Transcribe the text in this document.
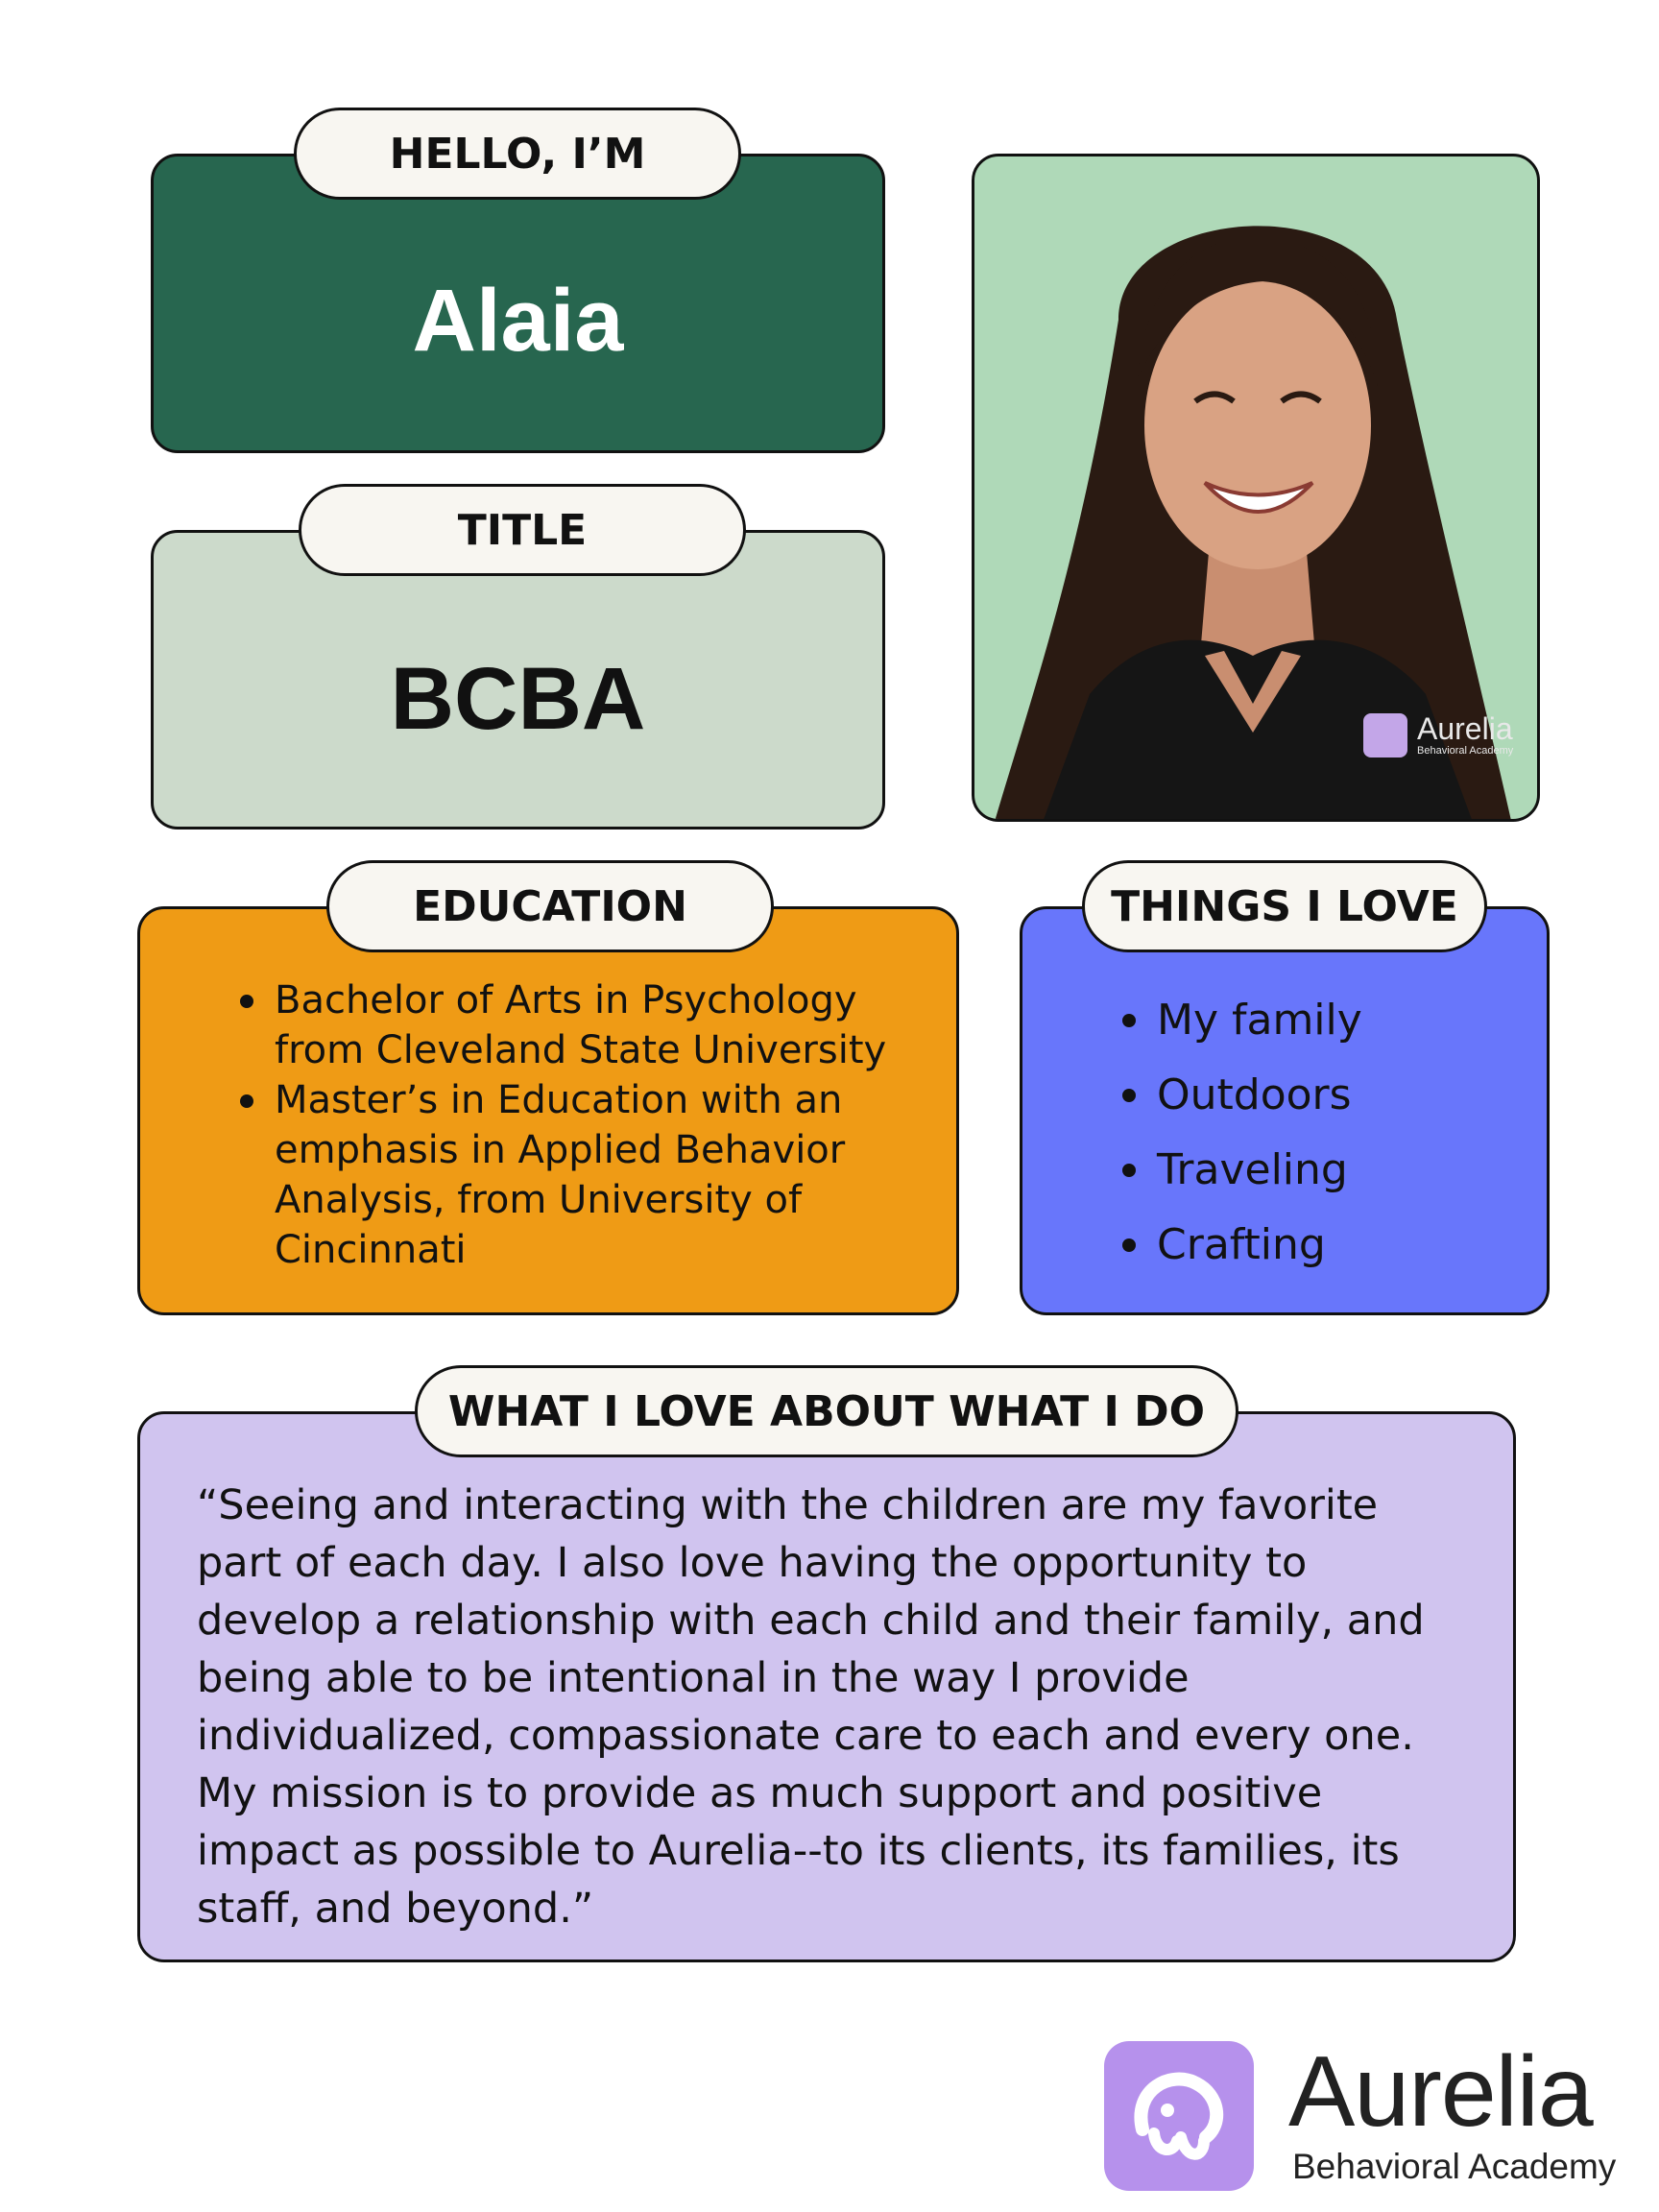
HELLO, I’M
Alaia
TITLE
BCBA	Aurelia
Behavioral Academy
EDUCATION
Bachelor of Arts in Psychology from Cleveland State University
Master’s in Education with an emphasis in Applied Behavior Analysis, from University of Cincinnati
THINGS I LOVE
My family
Outdoors
Traveling
Crafting
WHAT I LOVE ABOUT WHAT I DO
“Seeing and interacting with the children are my favorite part of each day. I also love having the opportunity to develop a relationship with each child and their family, and being able to be intentional in the way I provide individualized, compassionate care to each and every one. My mission is to provide as much support and positive impact as possible to Aurelia--to its clients, its families, its staff, and beyond.”
Aurelia
Behavioral Academy
